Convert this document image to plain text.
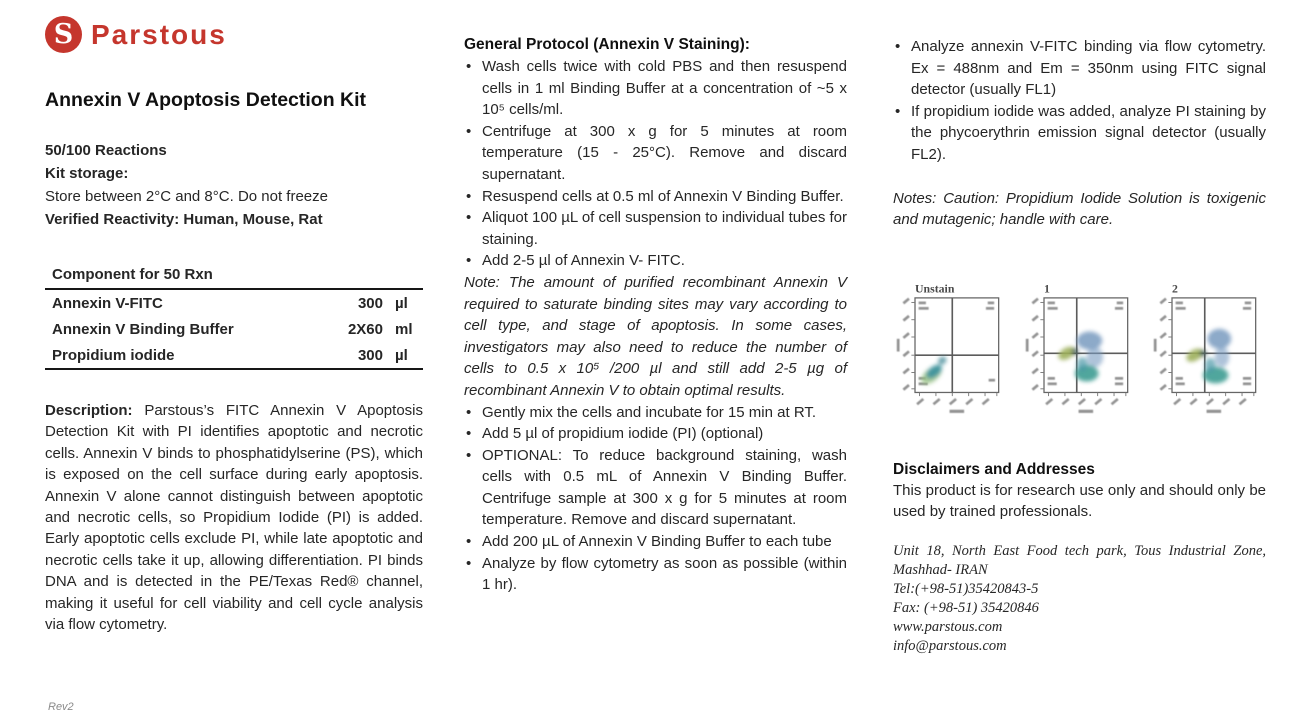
S Parstous
Annexin V Apoptosis Detection Kit
50/100 Reactions
Kit storage:
Store between 2°C and 8°C. Do not freeze
Verified Reactivity: Human, Mouse, Rat
Component for 50 Rxn
Annexin V-FITC	300 µl
Annexin V Binding Buffer	2X60 ml
Propidium iodide	300 µl

Description: Parstous’s FITC Annexin V Apoptosis Detection Kit with PI identifies apoptotic and necrotic cells. Annexin V binds to phosphatidylserine (PS), which is exposed on the cell surface during early apoptosis. Annexin V alone cannot distinguish between apoptotic and necrotic cells, so Propidium Iodide (PI) is added. Early apoptotic cells exclude PI, while late apoptotic and necrotic cells take it up, allowing differentiation. PI binds DNA and is detected in the PE/Texas Red® channel, making it useful for cell viability and cell cycle analysis via flow cytometry.

General Protocol (Annexin V Staining):
• Wash cells twice with cold PBS and then resuspend cells in 1 ml Binding Buffer at a concentration of ~5 x 10⁵ cells/ml.
• Centrifuge at 300 x g for 5 minutes at room temperature (15 - 25°C). Remove and discard supernatant.
• Resuspend cells at 0.5 ml of Annexin V Binding Buffer.
• Aliquot 100 µL of cell suspension to individual tubes for staining.
• Add 2-5 µl of Annexin V- FITC.

Note: The amount of purified recombinant Annexin V required to saturate binding sites may vary according to cell type, and stage of apoptosis. In some cases, investigators may also need to reduce the number of cells to 0.5 x 10⁵ /200 µl and still add 2-5 µg of recombinant Annexin V to obtain optimal results.

• Gently mix the cells and incubate for 15 min at RT.
• Add 5 µl of propidium iodide (PI) (optional)
• OPTIONAL: To reduce background staining, wash cells with 0.5 mL of Annexin V Binding Buffer. Centrifuge sample at 300 x g for 5 minutes at room temperature. Remove and discard supernatant.
• Add 200 µL of Annexin V Binding Buffer to each tube
• Analyze by flow cytometry as soon as possible (within 1 hr).
• Analyze annexin V-FITC binding via flow cytometry. Ex = 488nm and Em = 350nm using FITC signal detector (usually FL1)
• If propidium iodide was added, analyze PI staining by the phycoerythrin emission signal detector (usually FL2).

Notes: Caution: Propidium Iodide Solution is toxigenic and mutagenic; handle with care.

Unstain	1	2
Disclaimers and Addresses

This product is for research use only and should only be used by trained professionals.

Unit 18, North East Food tech park, Tous Industrial Zone, Mashhad- IRAN
Tel:(+98-51)35420843-5
Fax: (+98-51) 35420846
www.parstous.com
info@parstous.com
Rev2
